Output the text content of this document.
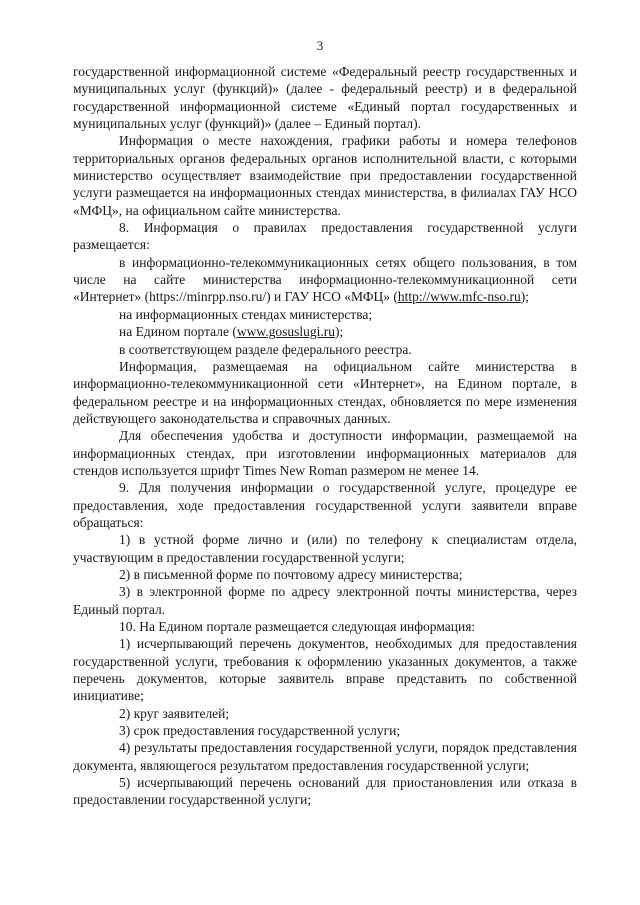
3

государственной информационной системе «Федеральный реестр государственных и муниципальных услуг (функций)» (далее - федеральный реестр) и в федеральной государственной информационной системе «Единый портал государственных и муниципальных услуг (функций)» (далее – Единый портал).

Информация о месте нахождения, графики работы и номера телефонов территориальных органов федеральных органов исполнительной власти, с которыми министерство осуществляет взаимодействие при предоставлении государственной услуги размещается на информационных стендах министерства, в филиалах ГАУ НСО «МФЦ», на официальном сайте министерства.

8. Информация о правилах предоставления государственной услуги размещается:

в информационно-телекоммуникационных сетях общего пользования, в том числе на сайте министерства информационно-телекоммуникационной сети «Интернет» (https://minrpp.nso.ru/) и ГАУ НСО «МФЦ» (http://www.mfc-nso.ru);

на информационных стендах министерства;

на Едином портале (www.gosuslugi.ru);

в соответствующем разделе федерального реестра.

Информация, размещаемая на официальном сайте министерства в информационно-телекоммуникационной сети «Интернет», на Едином портале, в федеральном реестре и на информационных стендах, обновляется по мере изменения действующего законодательства и справочных данных.

Для обеспечения удобства и доступности информации, размещаемой на информационных стендах, при изготовлении информационных материалов для стендов используется шрифт Times New Roman размером не менее 14.

9. Для получения информации о государственной услуге, процедуре ее предоставления, ходе предоставления государственной услуги заявители вправе обращаться:

1) в устной форме лично и (или) по телефону к специалистам отдела, участвующим в предоставлении государственной услуги;

2) в письменной форме по почтовому адресу министерства;

3) в электронной форме по адресу электронной почты министерства, через Единый портал.

10. На Едином портале размещается следующая информация:

1) исчерпывающий перечень документов, необходимых для предоставления государственной услуги, требования к оформлению указанных документов, а также перечень документов, которые заявитель вправе представить по собственной инициативе;

2) круг заявителей;

3) срок предоставления государственной услуги;

4) результаты предоставления государственной услуги, порядок представления документа, являющегося результатом предоставления государственной услуги;

5) исчерпывающий перечень оснований для приостановления или отказа в предоставлении государственной услуги;
